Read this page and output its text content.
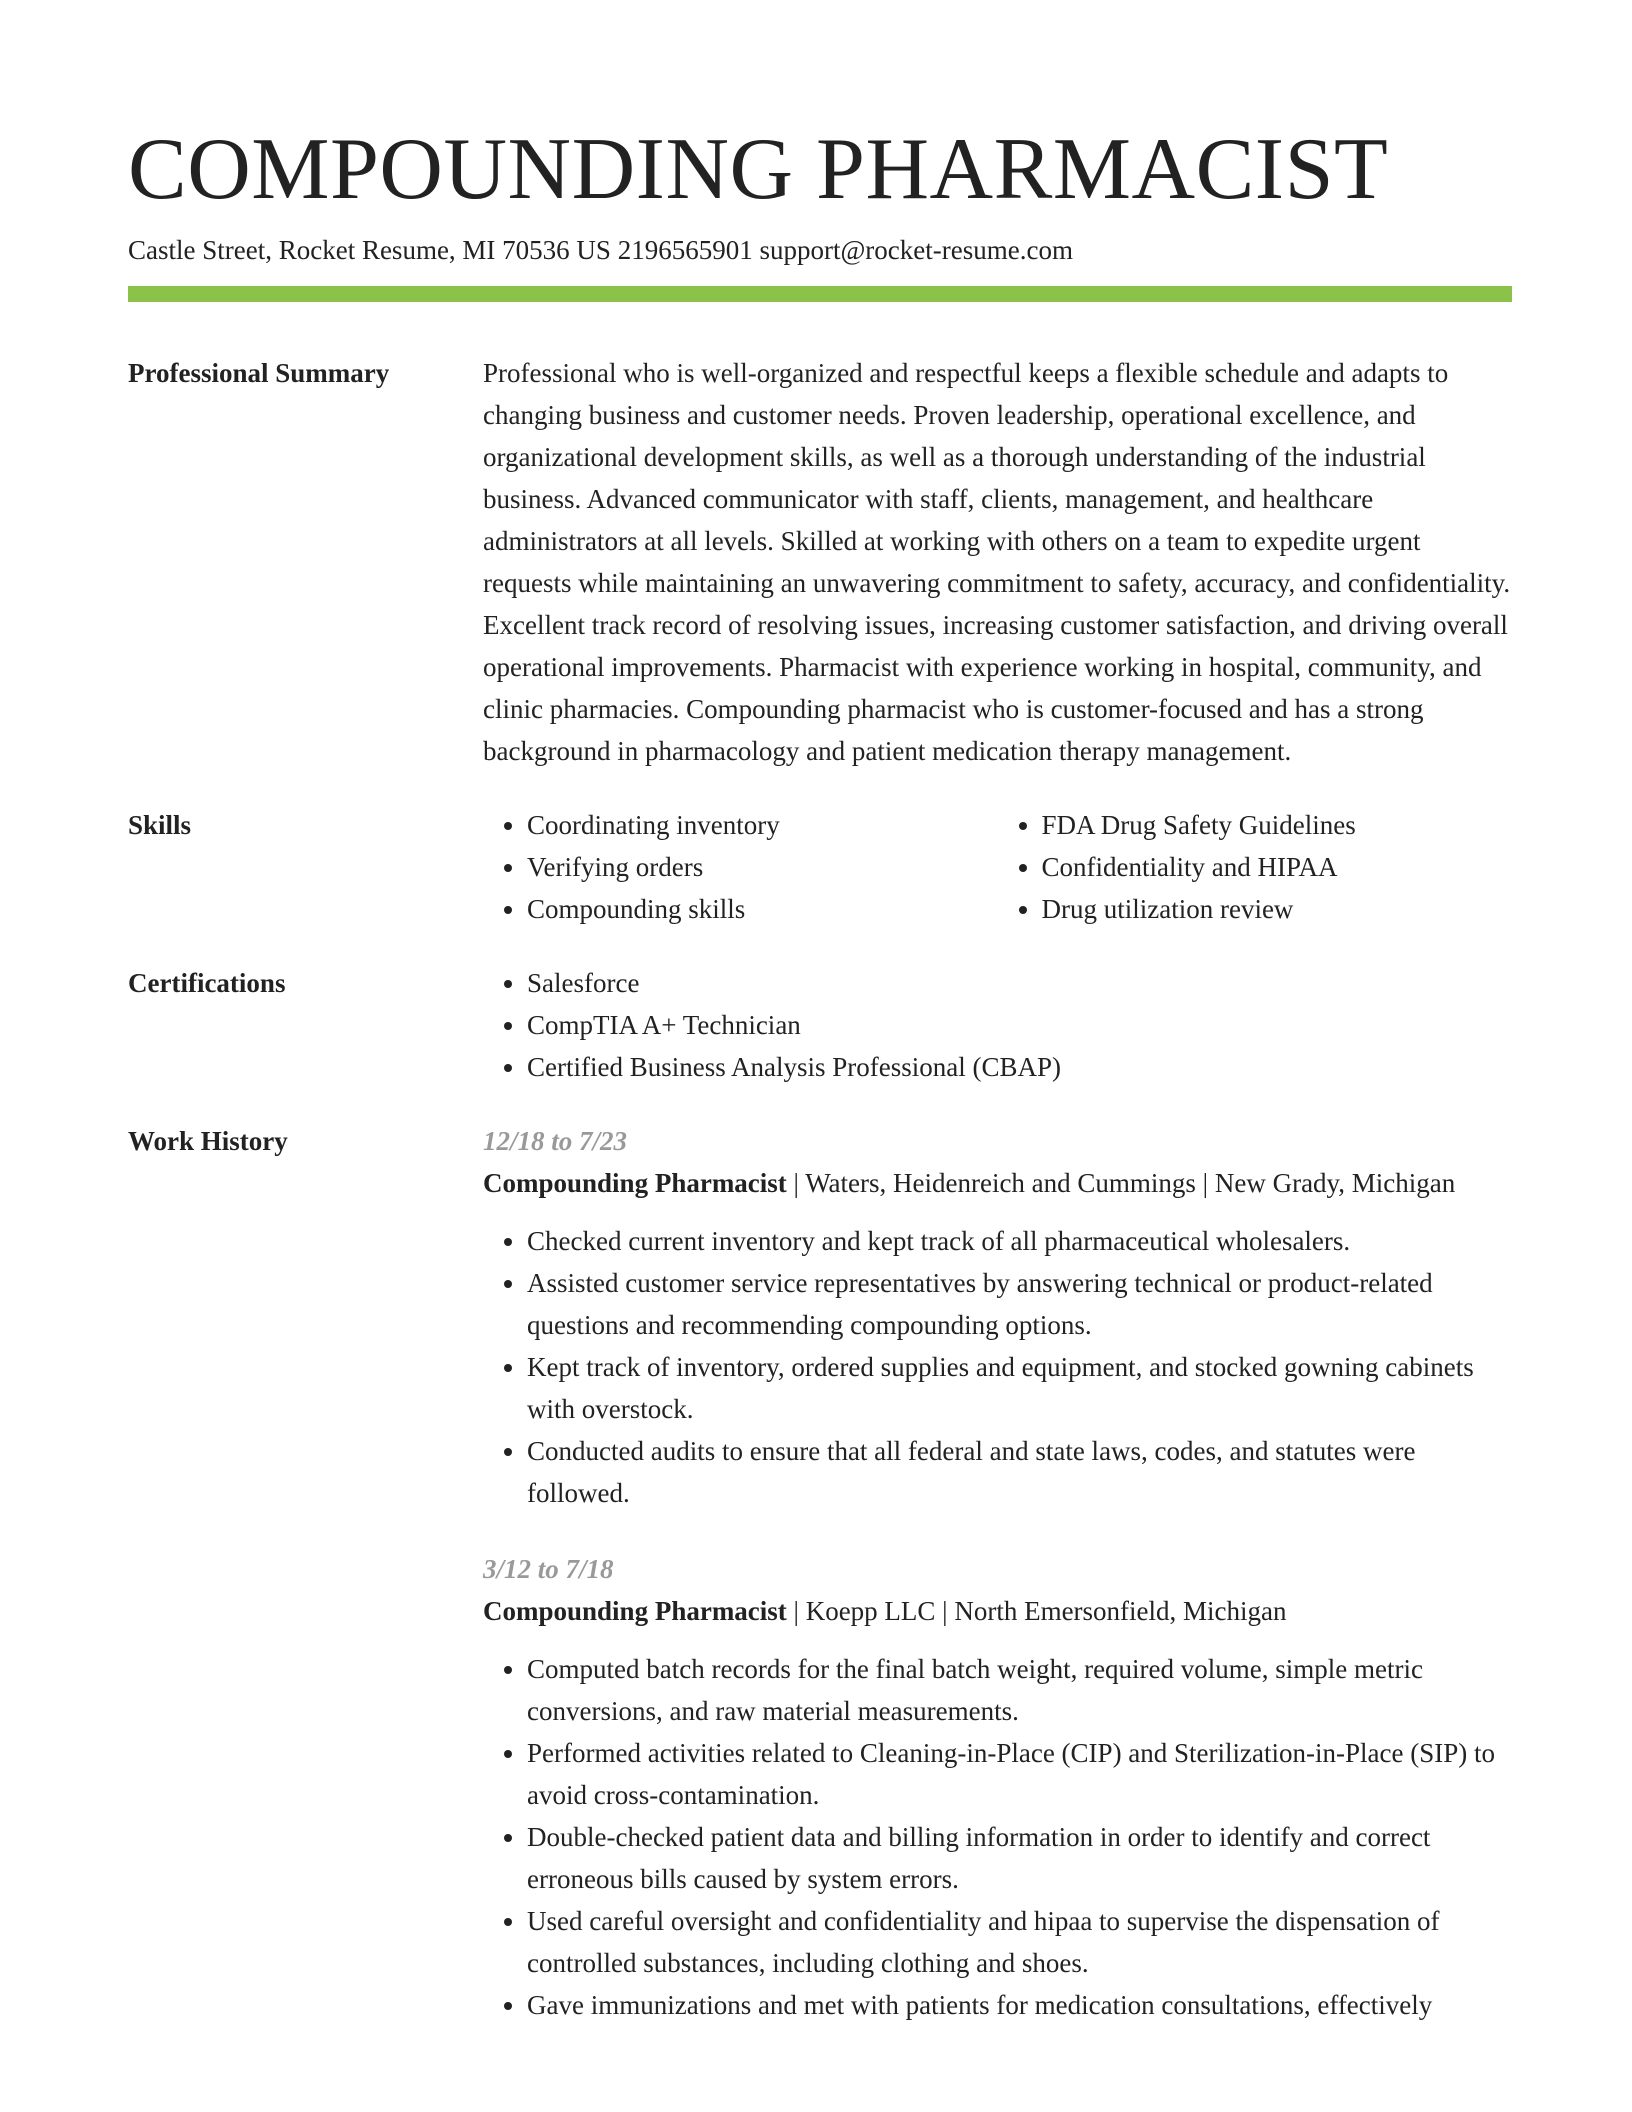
COMPOUNDING PHARMACIST
Castle Street, Rocket Resume, MI 70536 US 2196565901 support@rocket-resume.com
Professional Summary	Professional who is well-organized and respectful keeps a flexible schedule and adapts to changing business and customer needs. Proven leadership, operational excellence, and organizational development skills, as well as a thorough understanding of the industrial business. Advanced communicator with staff, clients, management, and healthcare administrators at all levels. Skilled at working with others on a team to expedite urgent requests while maintaining an unwavering commitment to safety, accuracy, and confidentiality. Excellent track record of resolving issues, increasing customer satisfaction, and driving overall operational improvements. Pharmacist with experience working in hospital, community, and clinic pharmacies. Compounding pharmacist who is customer-focused and has a strong background in pharmacology and patient medication therapy management.

Skills	• Coordinating inventory
• Verifying orders
• Compounding skills
• FDA Drug Safety Guidelines
• Confidentiality and HIPAA
• Drug utilization review
Certifications	• Salesforce
• CompTIA A+ Technician
• Certified Business Analysis Professional (CBAP)
Work History	12/18 to 7/23
Compounding Pharmacist | Waters, Heidenreich and Cummings | New Grady, Michigan
• Checked current inventory and kept track of all pharmaceutical wholesalers.
• Assisted customer service representatives by answering technical or product-related questions and recommending compounding options.
• Kept track of inventory, ordered supplies and equipment, and stocked gowning cabinets with overstock.
• Conducted audits to ensure that all federal and state laws, codes, and statutes were followed.
3/12 to 7/18
Compounding Pharmacist | Koepp LLC | North Emersonfield, Michigan
• Computed batch records for the final batch weight, required volume, simple metric conversions, and raw material measurements.
• Performed activities related to Cleaning-in-Place (CIP) and Sterilization-in-Place (SIP) to avoid cross-contamination.
• Double-checked patient data and billing information in order to identify and correct erroneous bills caused by system errors.
• Used careful oversight and confidentiality and hipaa to supervise the dispensation of controlled substances, including clothing and shoes.
• Gave immunizations and met with patients for medication consultations, effectively
